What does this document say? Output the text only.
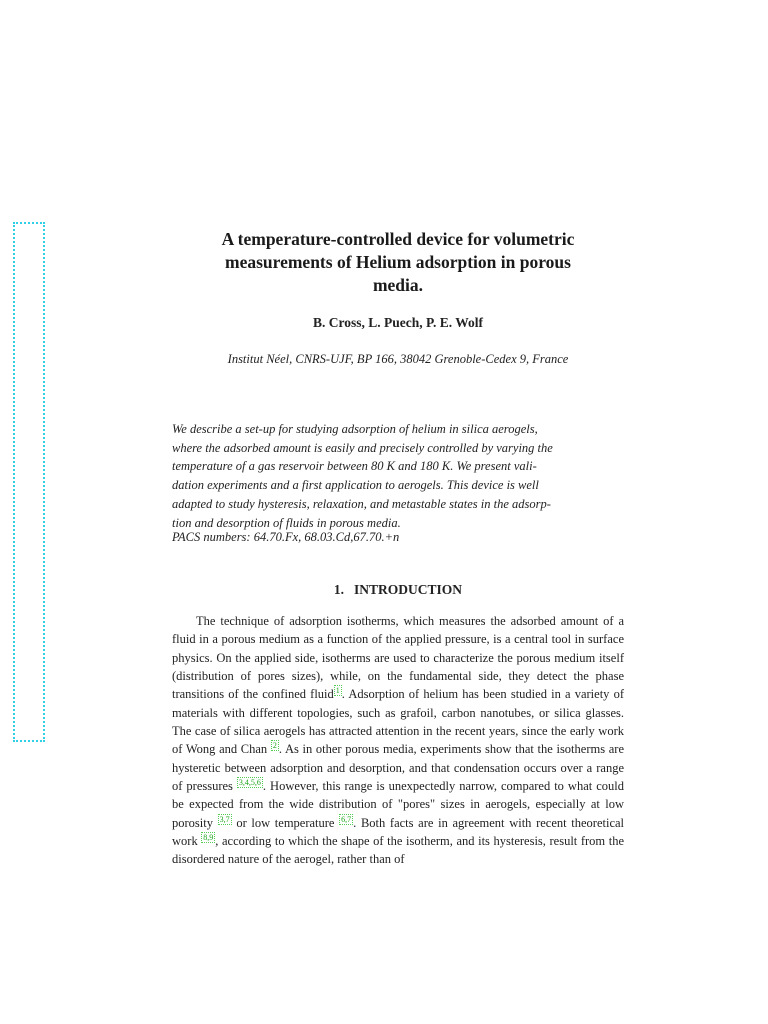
A temperature-controlled device for volumetric
measurements of Helium adsorption in porous
media.
B. Cross, L. Puech, P. E. Wolf
Institut Néel, CNRS-UJF, BP 166, 38042 Grenoble-Cedex 9, France
We describe a set-up for studying adsorption of helium in silica aerogels,
where the adsorbed amount is easily and precisely controlled by varying the
temperature of a gas reservoir between 80 K and 180 K. We present vali-
dation experiments and a first application to aerogels. This device is well
adapted to study hysteresis, relaxation, and metastable states in the adsorp-
tion and desorption of fluids in porous media.
PACS numbers: 64.70.Fx, 68.03.Cd,67.70.+n
1. INTRODUCTION
The technique of adsorption isotherms, which measures the adsorbed amount of a fluid in a porous medium as a function of the applied pressure, is a central tool in surface physics. On the applied side, isotherms are used to characterize the porous medium itself (distribution of pores sizes), while, on the fundamental side, they detect the phase transitions of the confined fluid $^1$ . Adsorption of helium has been studied in a variety of materials with different topologies, such as grafoil, carbon nanotubes, or silica glasses. The case of silica aerogels has attracted attention in the recent years, since the early work of Wong and Chan $^2$ . As in other porous media, experiments show that the isotherms are hysteretic between adsorption and desorption, and that condensation occurs over a range of pressures $^{3,4,5,6}$ . However, this range is unexpectedly narrow, compared to what could be expected from the wide distribution of "pores" sizes in aerogels, especially at low porosity $^{3,7}$ or low temperature $^{6,7}$ . Both facts are in agreement with recent theoretical work $^{8,9}$ , according to which the shape of the isotherm, and its hysteresis, result from the disordered nature of the aerogel, rather than of
